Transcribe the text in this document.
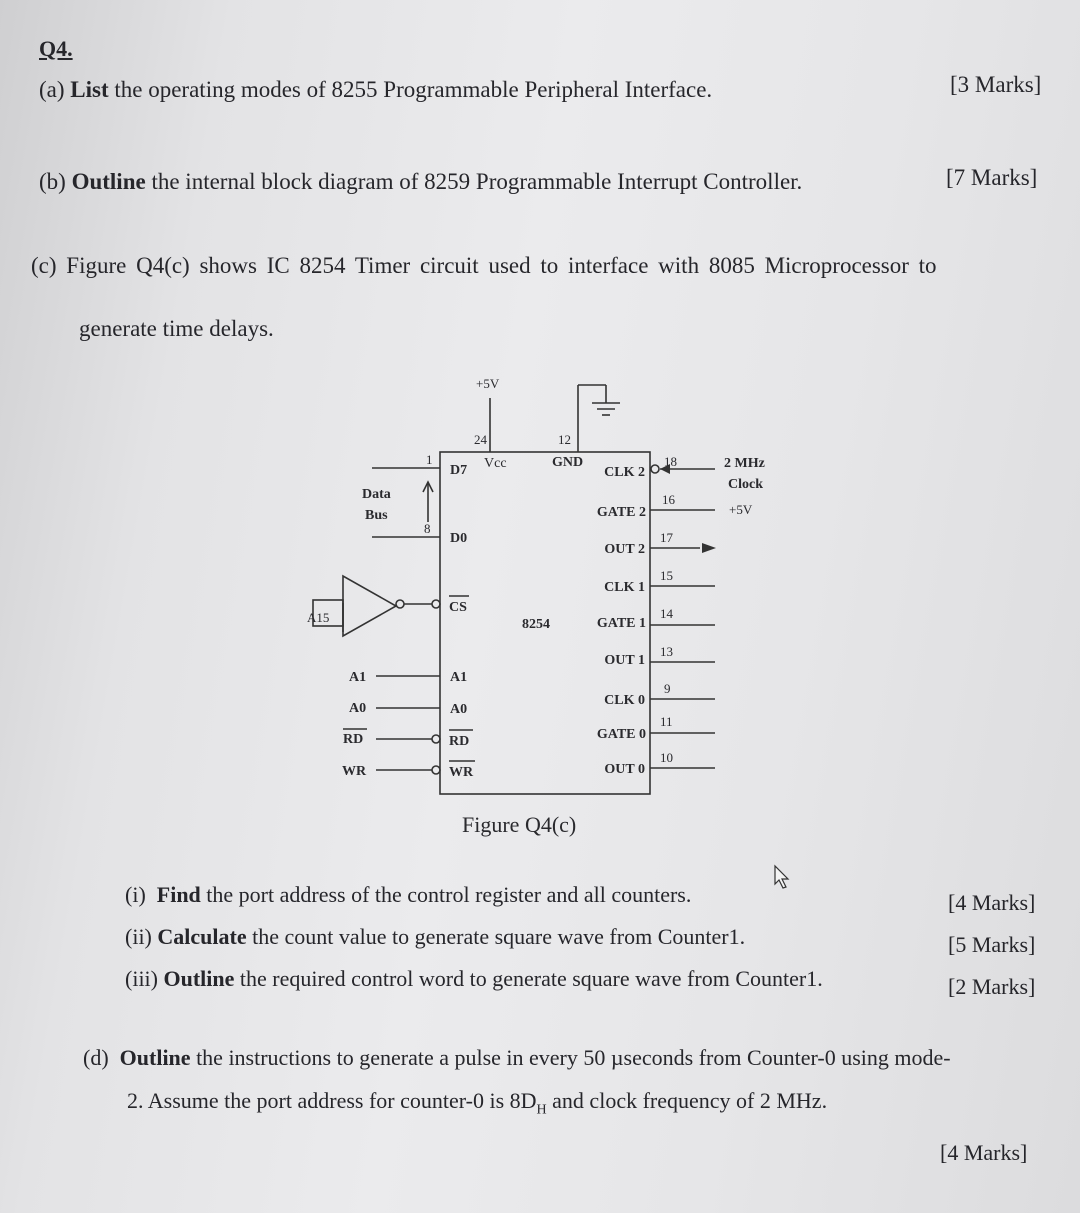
Q4.
(a) List the operating modes of 8255 Programmable Peripheral Interface.	[3 Marks]
(b) Outline the internal block diagram of 8259 Programmable Interrupt Controller.	[7 Marks]
(c) Figure Q4(c) shows IC 8254 Timer circuit used to interface with 8085 Microprocessor to
generate time delays.
+5V
24	12
Vcc	GND
Data
Bus
1
8
D7
D0
CS
A15	8254
A1
A0
RD
WR
A1
A0
RD
WR
CLK 2
18
GATE 2
16
OUT 2
17
CLK 1
15
GATE 1
14
OUT 1
13
CLK 0
9
GATE 0
11
OUT 0
10
2 MHz
Clock
+5V
Figure Q4(c)
(i) Find the port address of the control register and all counters.	[4 Marks]
(ii) Calculate the count value to generate square wave from Counter1.	[5 Marks]
(iii) Outline the required control word to generate square wave from Counter1.	[2 Marks]
(d) Outline the instructions to generate a pulse in every 50 µseconds from Counter-0 using mode-
2. Assume the port address for counter-0 is $8D_H$ and clock frequency of 2 MHz.
[4 Marks]
